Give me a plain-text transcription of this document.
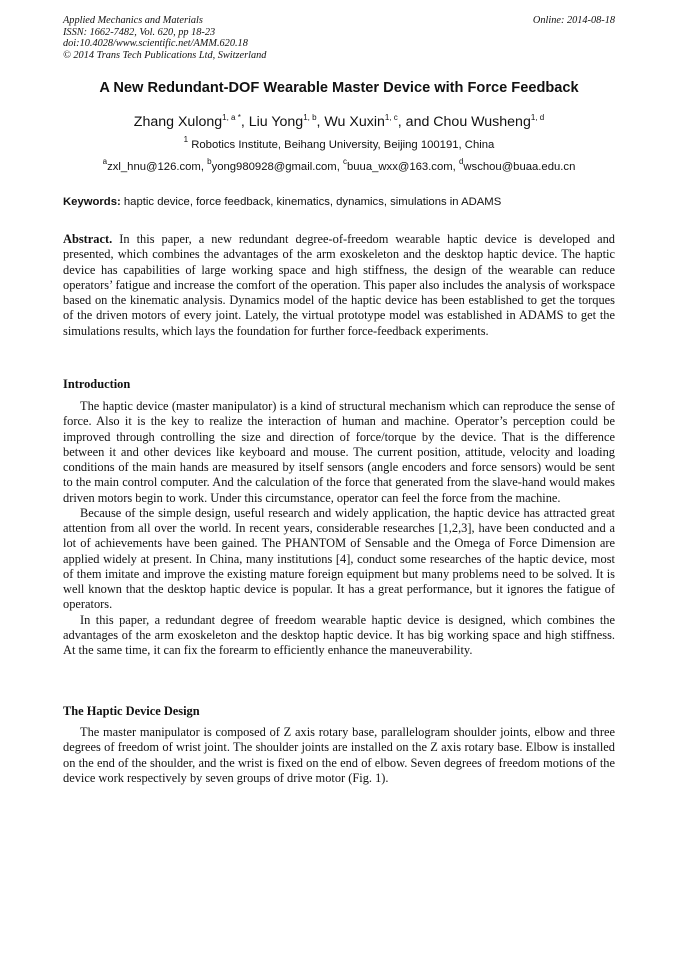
Applied Mechanics and Materials
ISSN: 1662-7482, Vol. 620, pp 18-23
doi:10.4028/www.scientific.net/AMM.620.18
© 2014 Trans Tech Publications Ltd, Switzerland
Online: 2014-08-18
A New Redundant-DOF Wearable Master Device with Force Feedback
Zhang Xulong$^{1, a *}$, Liu Yong$^{1, b}$, Wu Xuxin$^{1, c}$, and Chou Wusheng$^{1, d}$
$^1$ Robotics Institute, Beihang University, Beijing 100191, China
$^a$zxl_hnu@126.com, $^b$yong980928@gmail.com, $^c$buua_wxx@163.com, $^d$wschou@buaa.edu.cn
Keywords: haptic device, force feedback, kinematics, dynamics, simulations in ADAMS

Abstract. In this paper, a new redundant degree-of-freedom wearable haptic device is developed and presented, which combines the advantages of the arm exoskeleton and the desktop haptic device. The haptic device has capabilities of large working space and high stiffness, the design of the wearable can reduce operators’ fatigue and increase the comfort of the operation. This paper also includes the analysis of workspace based on the kinematic analysis. Dynamics model of the haptic device has been established to get the torques of the driven motors of every joint. Lately, the virtual prototype model was established in ADAMS to get the simulations results, which lays the foundation for further force-feedback experiments.

Introduction

The haptic device (master manipulator) is a kind of structural mechanism which can reproduce the sense of force. Also it is the key to realize the interaction of human and machine. Operator’s perception could be improved through controlling the size and direction of force/torque by the device. That is the difference between it and other devices like keyboard and mouse. The current position, attitude, velocity and loading conditions of the main hands are measured by itself sensors (angle encoders and force sensors) would be sent to the main control computer. And the calculation of the force that generated from the slave-hand would makes driven motors begin to work. Under this circumstance, operator can feel the force from the machine.

Because of the simple design, useful research and widely application, the haptic device has attracted great attention from all over the world. In recent years, considerable researches [1,2,3], have been conducted and a lot of achievements have been gained. The PHANTOM of Sensable and the Omega of Force Dimension are applied widely at present. In China, many institutions [4], conduct some researches of the haptic device, most of them imitate and improve the existing mature foreign equipment but many problems need to be solved. It is well known that the desktop haptic device is popular. It has a great performance, but it ignores the fatigue of operators.

In this paper, a redundant degree of freedom wearable haptic device is designed, which combines the advantages of the arm exoskeleton and the desktop haptic device. It has big working space and high stiffness. At the same time, it can fix the forearm to efficiently enhance the maneuverability.

The Haptic Device Design

The master manipulator is composed of Z axis rotary base, parallelogram shoulder joints, elbow and three degrees of freedom of wrist joint. The shoulder joints are installed on the Z axis rotary base. Elbow is installed on the end of the shoulder, and the wrist is fixed on the end of elbow. Seven degrees of freedom motions of the device work respectively by seven groups of drive motor (Fig. 1).
